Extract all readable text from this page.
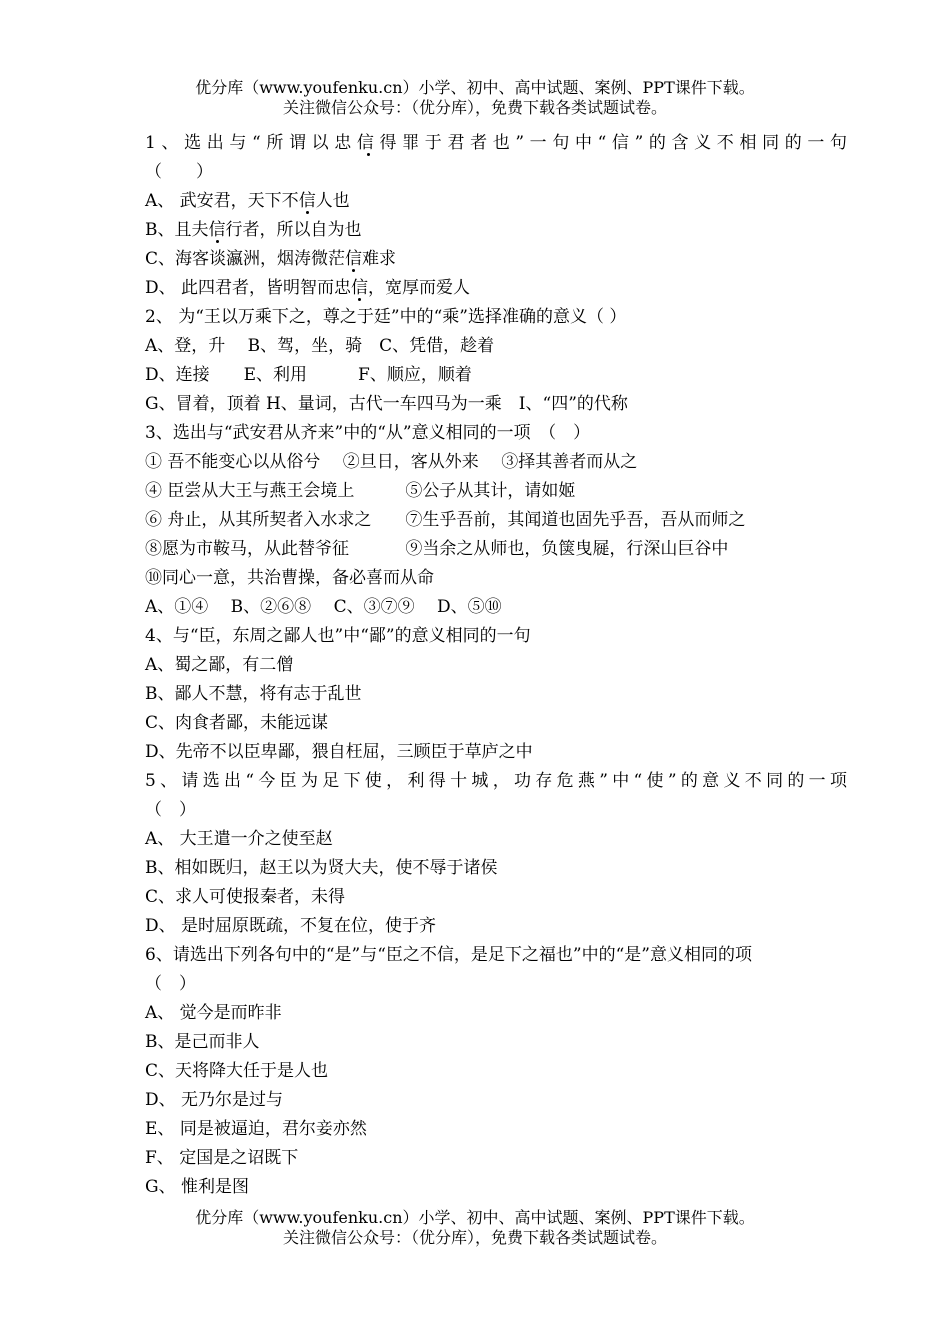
优分库（www.youfenku.cn）小学、初中、高中试题、案例、PPT课件下载。
关注微信公众号：（优分库），免费下载各类试题试卷。
1、选出与“所谓以忠信得罪于君者也”一句中“信”的含义不相同的一句
（　　）
A、 武安君，天下不信人也
B、且夫信行者，所以自为也
C、海客谈瀛洲，烟涛微茫信难求
D、 此四君者，皆明智而忠信，宽厚而爱人
2、 为“王以万乘下之，尊之于廷”中的“乘”选择准确的意义（ ）
A、登，升　 B、驾，坐，骑　C、凭借，趁着
D、连接　　E、利用　　　F、顺应，顺着
G、冒着，顶着 H、量词，古代一车四马为一乘　I、“四”的代称
3、选出与“武安君从齐来”中的“从”意义相同的一项　（　）
① 吾不能变心以从俗兮　 ②旦日，客从外来　 ③择其善者而从之
④ 臣尝从大王与燕王会境上　　　⑤公子从其计，请如姬
⑥ 舟止，从其所契者入水求之　　⑦生乎吾前，其闻道也固先乎吾，吾从而师之
⑧愿为市鞍马，从此替爷征　　　 ⑨当余之从师也，负箧曳屣，行深山巨谷中
⑩同心一意，共治曹操，备必喜而从命
A、①④　 B、②⑥⑧　 C、③⑦⑨　 D、⑤⑩
4、与“臣，东周之鄙人也”中“鄙”的意义相同的一句
A、蜀之鄙，有二僧
B、鄙人不慧，将有志于乱世
C、肉食者鄙，未能远谋
D、先帝不以臣卑鄙，猥自枉屈，三顾臣于草庐之中
5、请选出“今臣为足下使，利得十城，功存危燕”中“使”的意义不同的一项
（　）
A、 大王遣一介之使至赵
B、相如既归，赵王以为贤大夫，使不辱于诸侯
C、求人可使报秦者，未得
D、 是时屈原既疏，不复在位，使于齐
6、请选出下列各句中的“是”与“臣之不信，是足下之福也”中的“是”意义相同的项
（　）
A、 觉今是而昨非
B、是己而非人
C、天将降大任于是人也
D、 无乃尔是过与
E、 同是被逼迫，君尔妾亦然
F、 定国是之诏既下
G、 惟利是图
优分库（www.youfenku.cn）小学、初中、高中试题、案例、PPT课件下载。
关注微信公众号：（优分库），免费下载各类试题试卷。
